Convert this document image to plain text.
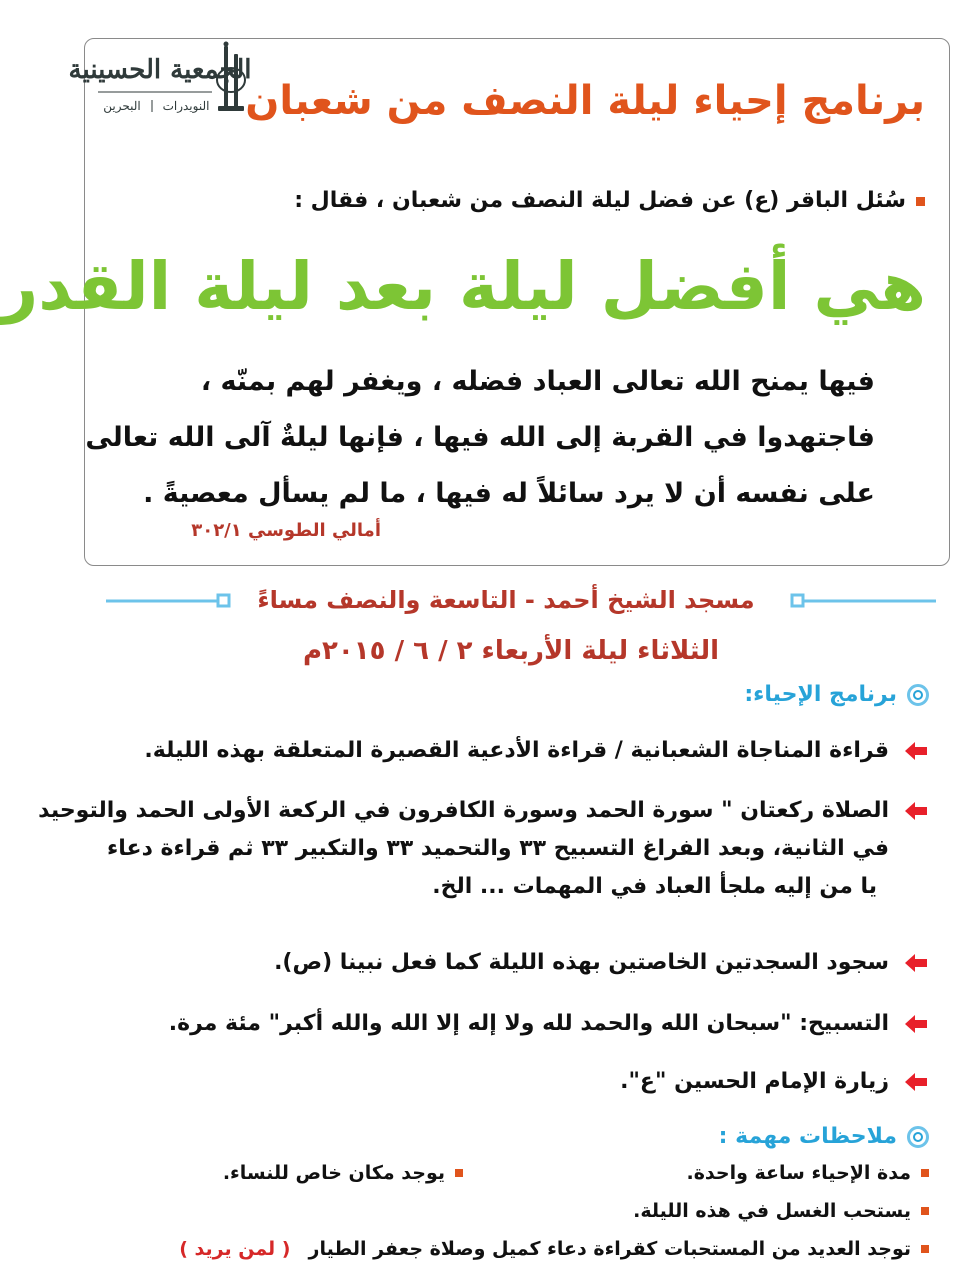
الجمعية الحسينية
البحرين النويدرات برنامج إحياء ليلة النصف من شعبان
سُئل الباقر (ع) عن فضل ليلة النصف من شعبان ، فقال :
هي أفضل ليلة بعد ليلة القدر
فيها يمنح الله تعالى العباد فضله ، ويغفر لهم بمنّه ،
فاجتهدوا في القربة إلى الله فيها ، فإنها ليلةٌ آلى الله تعالى
على نفسه أن لا يرد سائلاً له فيها ، ما لم يسأل معصيةً .
أمالي الطوسي ٣٠٢/١
مسجد الشيخ أحمد - التاسعة والنصف مساءً
الثلاثاء ليلة الأربعاء ٢ / ٦ / ٢٠١٥م
برنامج الإحياء:
قراءة المناجاة الشعبانية / قراءة الأدعية القصيرة المتعلقة بهذه الليلة.
الصلاة ركعتان " سورة الحمد وسورة الكافرون في الركعة الأولى الحمد والتوحيد
في الثانية، وبعد الفراغ التسبيح ٣٣ والتحميد ٣٣ والتكبير ٣٣ ثم قراءة دعاء
يا من إليه ملجأ العباد في المهمات ... الخ.
سجود السجدتين الخاصتين بهذه الليلة كما فعل نبينا (ص).
التسبيح: "سبحان الله والحمد لله ولا إله إلا الله والله أكبر" مئة مرة.
زيارة الإمام الحسين "ع".
ملاحظات مهمة :
مدة الإحياء ساعة واحدة.
يوجد مكان خاص للنساء.
يستحب الغسل في هذه الليلة.
توجد العديد من المستحبات كقراءة دعاء كميل وصلاة جعفر الطيار
( لمن يريد )
